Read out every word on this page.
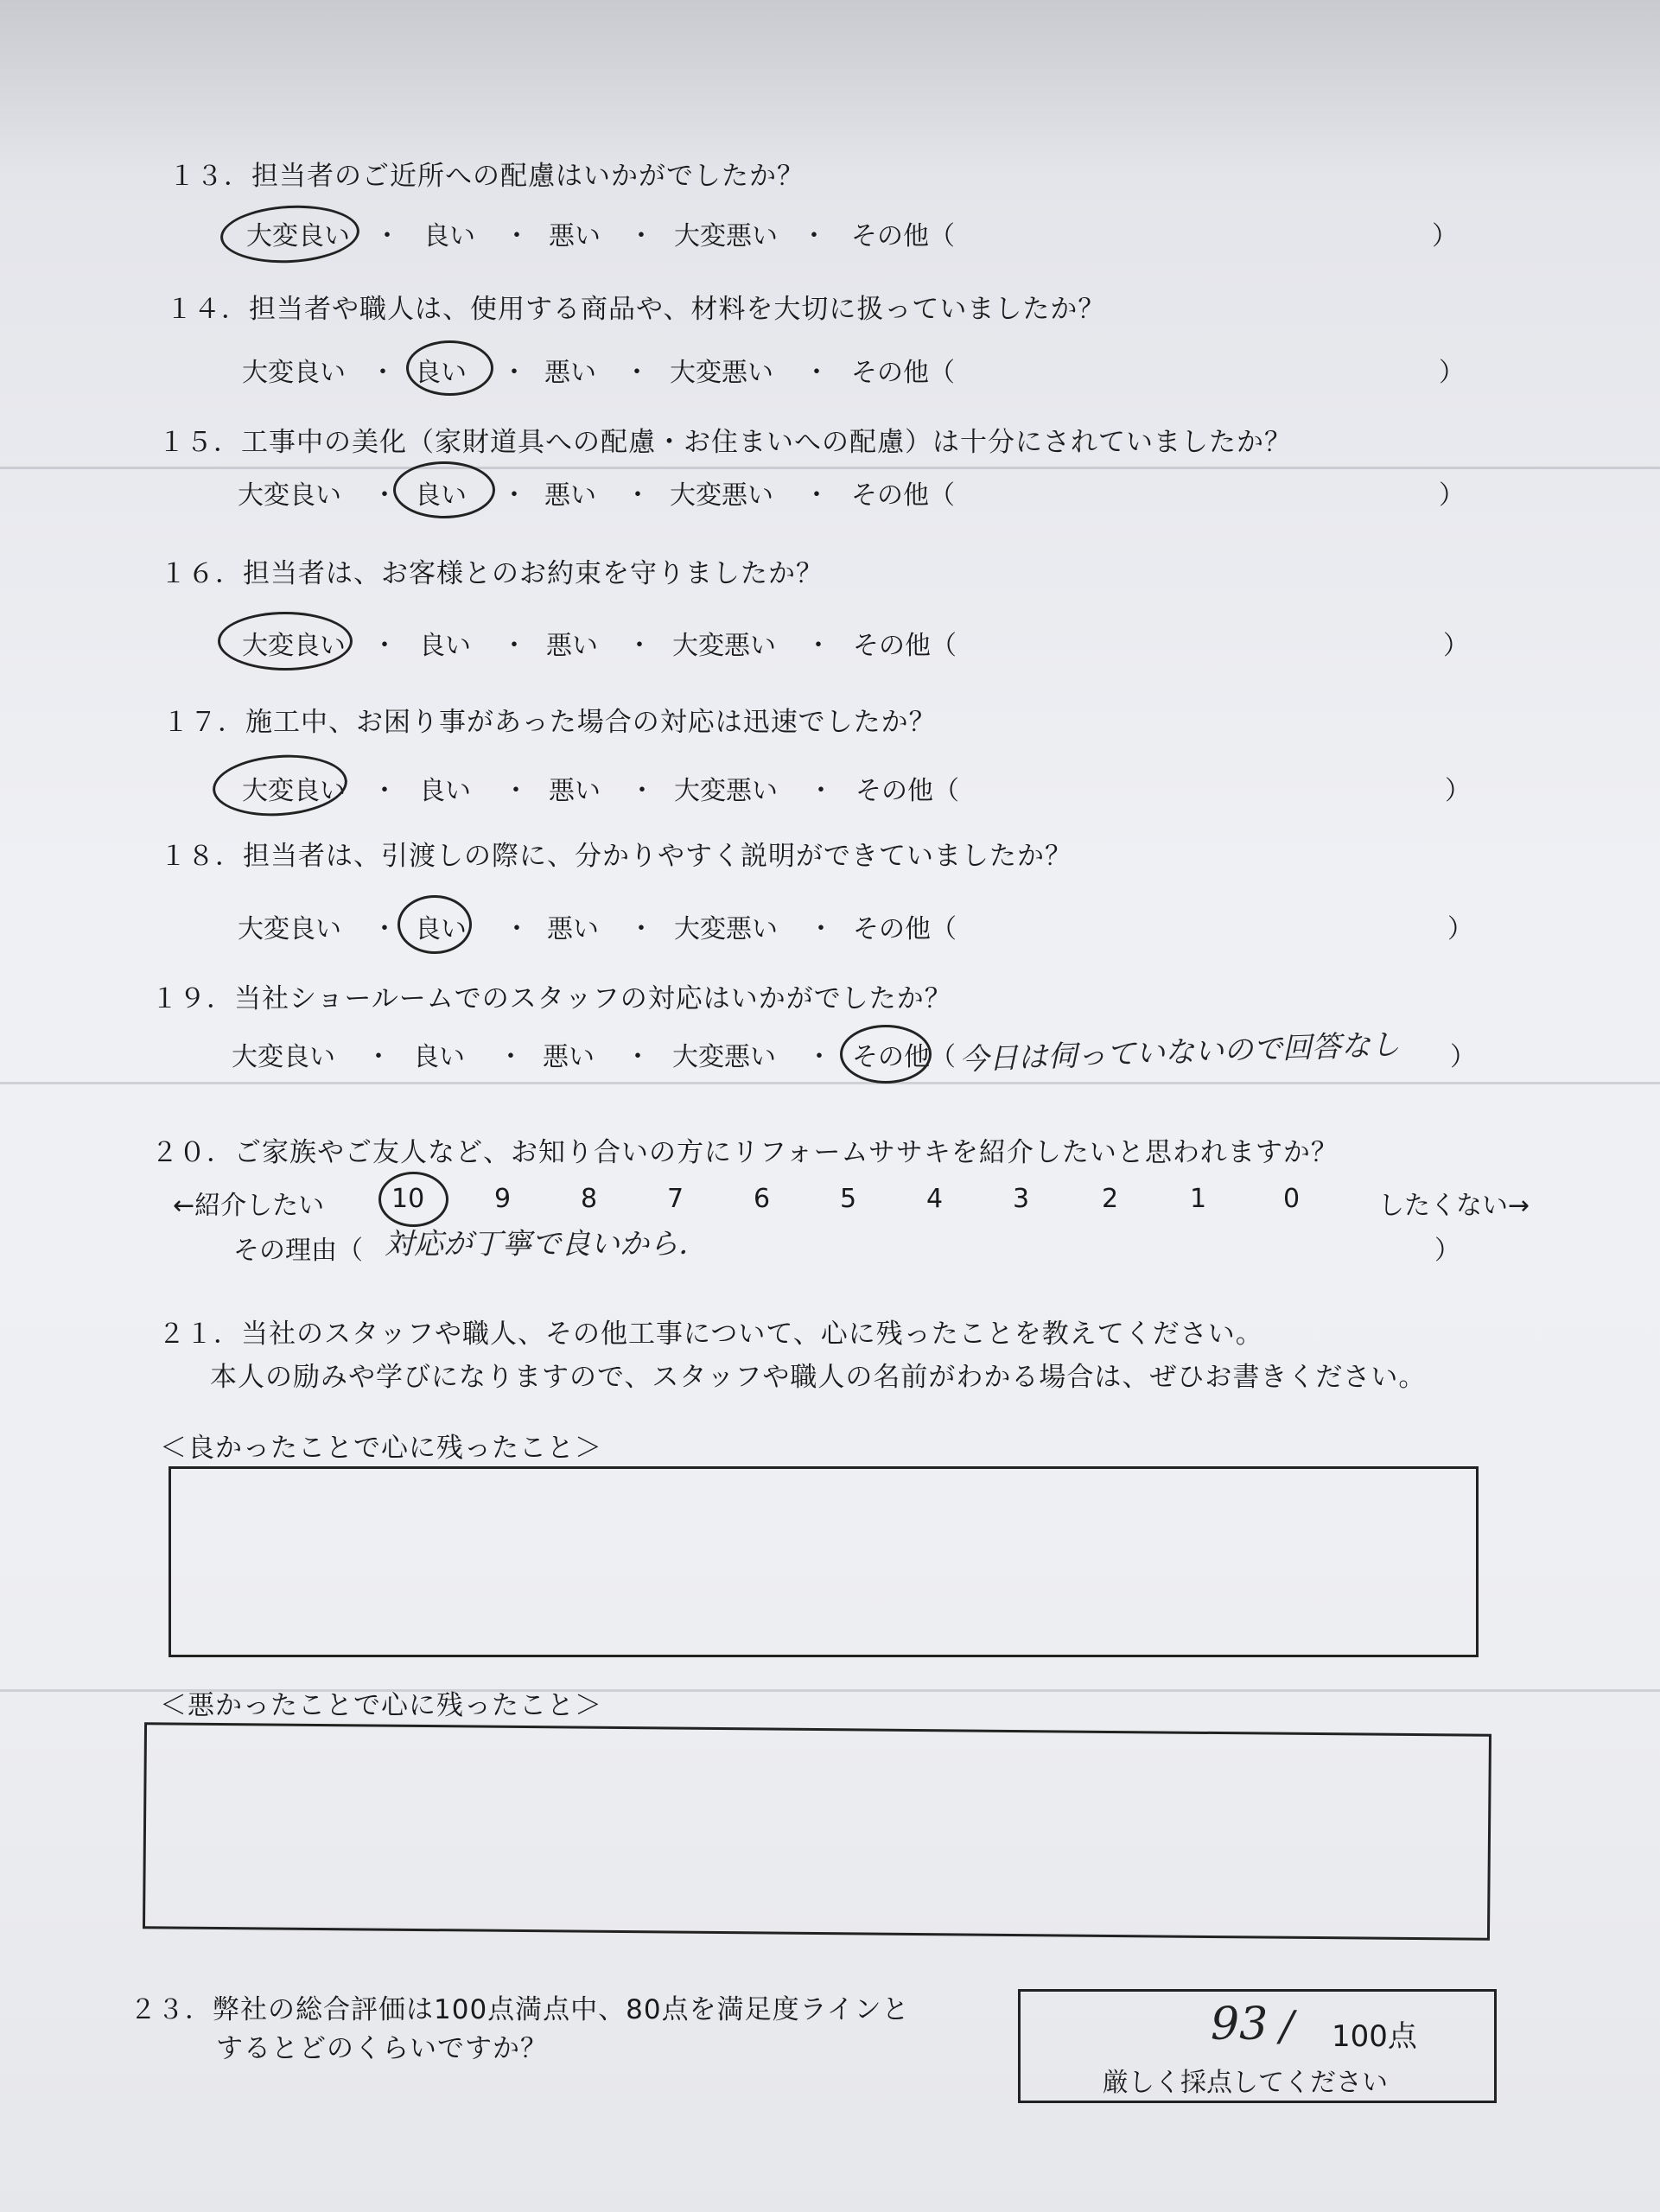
１３．担当者のご近所への配慮はいかがでしたか？
大変良い ・ 良い ・ 悪い ・ 大変悪い ・ その他（	）
１４．担当者や職人は、使用する商品や、材料を大切に扱っていましたか？
大変良い ・ 良い ・ 悪い ・ 大変悪い ・ その他（	）
１５．工事中の美化（家財道具への配慮・お住まいへの配慮）は十分にされていましたか？
大変良い ・ 良い ・ 悪い ・ 大変悪い ・ その他（	）
１６．担当者は、お客様とのお約束を守りましたか？
大変良い ・ 良い ・ 悪い ・ 大変悪い ・ その他（	）
１７．施工中、お困り事があった場合の対応は迅速でしたか？
大変良い ・ 良い ・ 悪い ・ 大変悪い ・ その他（	）
１８．担当者は、引渡しの際に、分かりやすく説明ができていましたか？
大変良い ・ 良い ・ 悪い ・ 大変悪い ・ その他（	）
１９．当社ショールームでのスタッフの対応はいかがでしたか？
大変良い ・ 良い ・ 悪い ・ 大変悪い ・ その他（	）
今日は伺っていないので回答なし
２０．ご家族やご友人など、お知り合いの方にリフォームササキを紹介したいと思われますか？
←紹介したい	10	9	8	7	6	5	4	3	2	1	0	したくない→
その理由（	）
対応が丁寧で良いから．
２１．当社のスタッフや職人、その他工事について、心に残ったことを教えてください。
本人の励みや学びになりますので、スタッフや職人の名前がわかる場合は、ぜひお書きください。
＜良かったことで心に残ったこと＞
＜悪かったことで心に残ったこと＞
２３．弊社の総合評価は100点満点中、80点を満足度ラインと
するとどのくらいですか？	93 / 100点
厳しく採点してください
